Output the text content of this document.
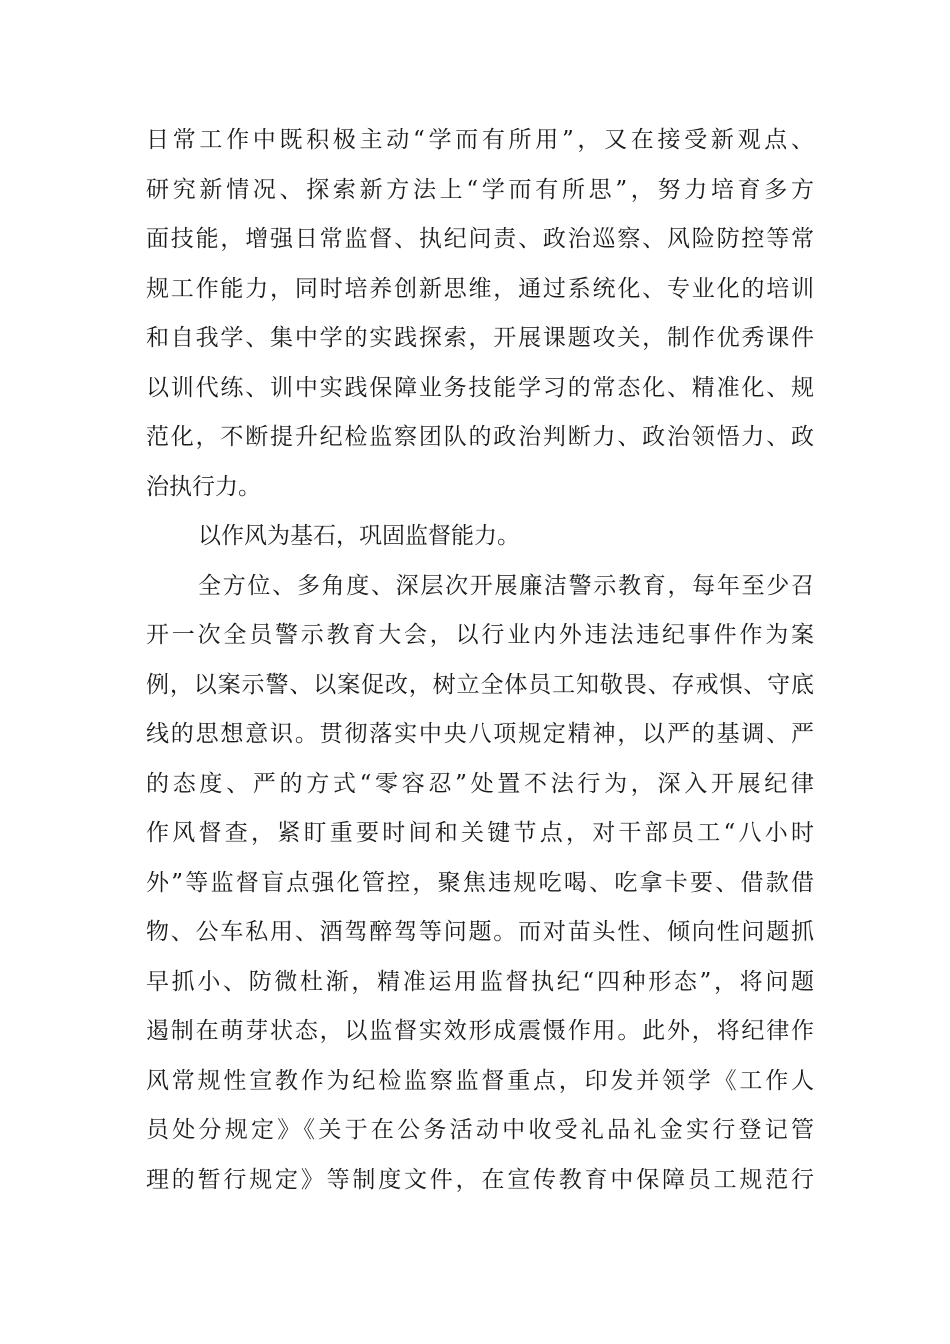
日常工作中既积极主动“学而有所用”，又在接受新观点、
研究新情况、探索新方法上“学而有所思”，努力培育多方
面技能，增强日常监督、执纪问责、政治巡察、风险防控等常
规工作能力，同时培养创新思维，通过系统化、专业化的培训
和自我学、集中学的实践探索，开展课题攻关，制作优秀课件
以训代练、训中实践保障业务技能学习的常态化、精准化、规
范化，不断提升纪检监察团队的政治判断力、政治领悟力、政
治执行力。
以作风为基石，巩固监督能力。
全方位、多角度、深层次开展廉洁警示教育，每年至少召
开一次全员警示教育大会，以行业内外违法违纪事件作为案
例，以案示警、以案促改，树立全体员工知敬畏、存戒惧、守底
线的思想意识。贯彻落实中央八项规定精神，以严的基调、严
的态度、严的方式“零容忍”处置不法行为，深入开展纪律
作风督查，紧盯重要时间和关键节点，对干部员工“八小时
外”等监督盲点强化管控，聚焦违规吃喝、吃拿卡要、借款借
物、公车私用、酒驾醉驾等问题。而对苗头性、倾向性问题抓
早抓小、防微杜渐，精准运用监督执纪“四种形态”，将问题
遏制在萌芽状态，以监督实效形成震慑作用。此外，将纪律作
风常规性宣教作为纪检监察监督重点，印发并领学《工作人
员处分规定》《关于在公务活动中收受礼品礼金实行登记管
理的暂行规定》等制度文件，在宣传教育中保障员工规范行
